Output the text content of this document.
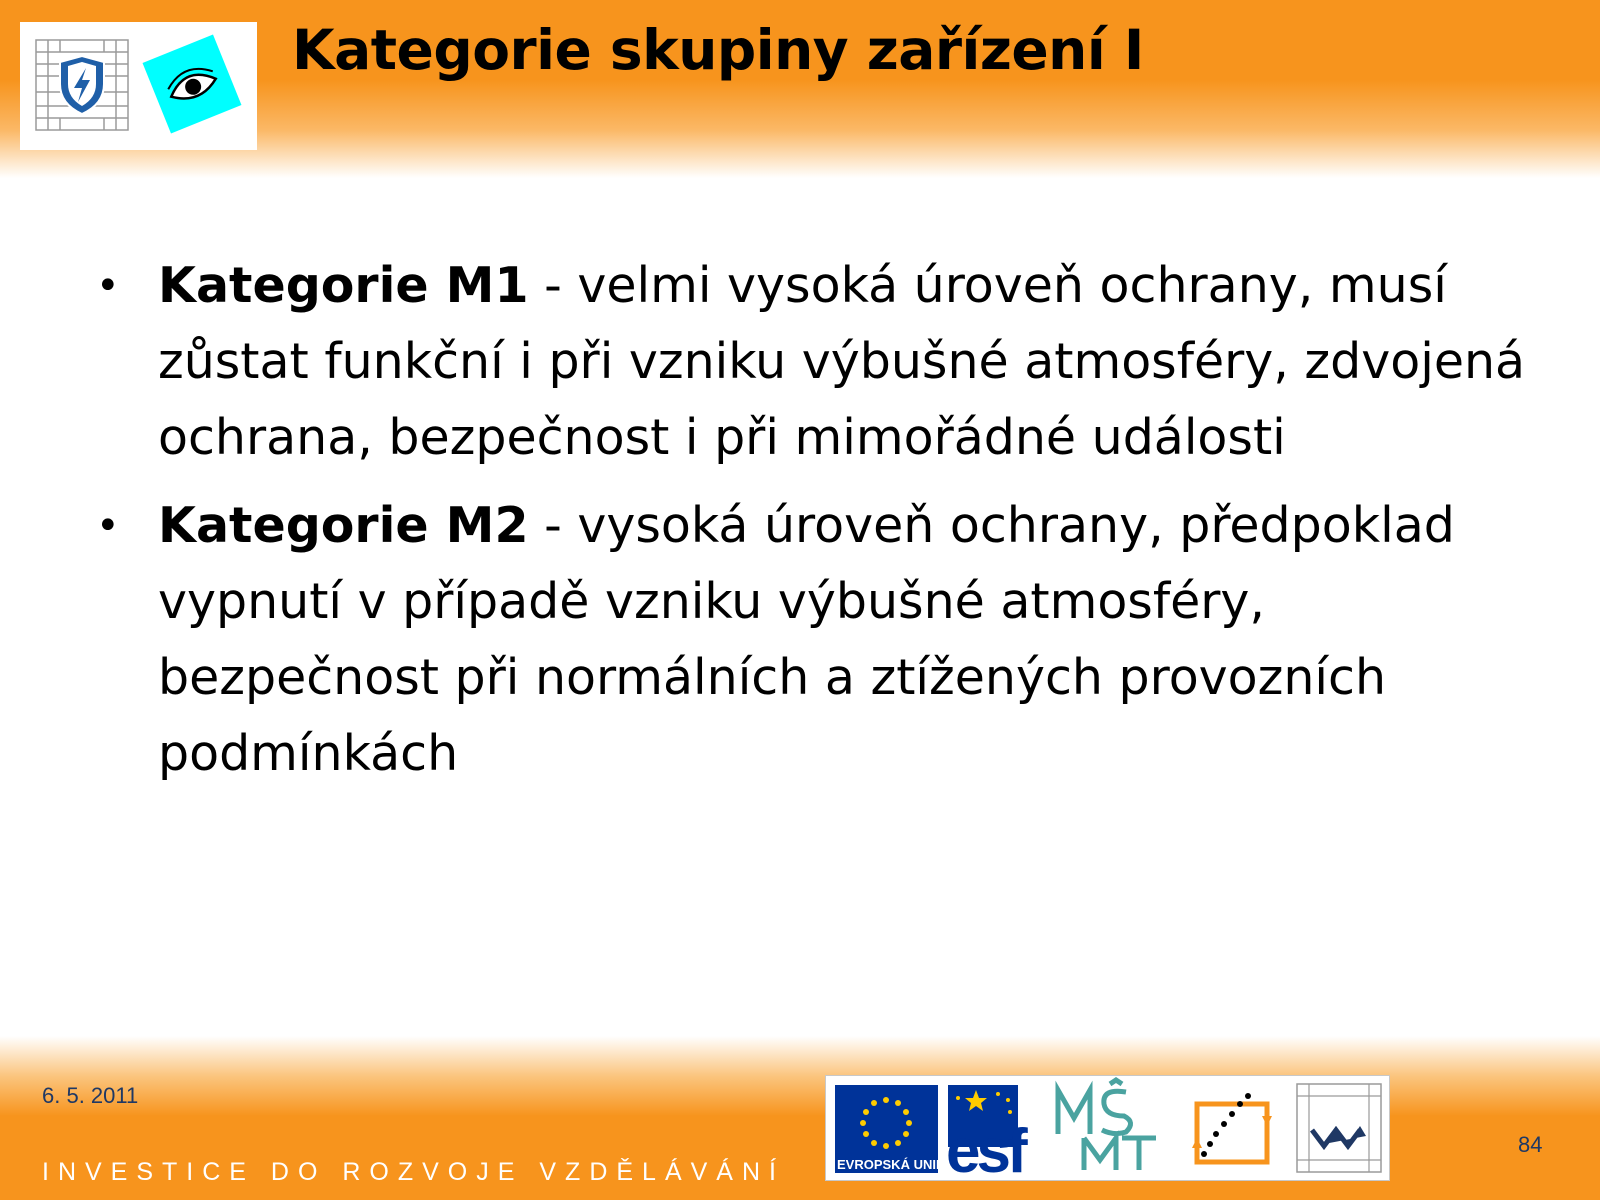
Kategorie skupiny zařízení I
• Kategorie M1 - velmi vysoká úroveň ochrany, musí zůstat funkční i při vzniku výbušné atmosféry, zdvojená ochrana, bezpečnost i při mimořádné události
• Kategorie M2 - vysoká úroveň ochrany, předpoklad vypnutí v případě vzniku výbušné atmosféry, bezpečnost při normálních a ztížených provozních podmínkách
6. 5. 2011
INVESTICE DO ROZVOJE VZDĚLÁVÁNÍ
84
esf
EVROPSKÁ UNIE
